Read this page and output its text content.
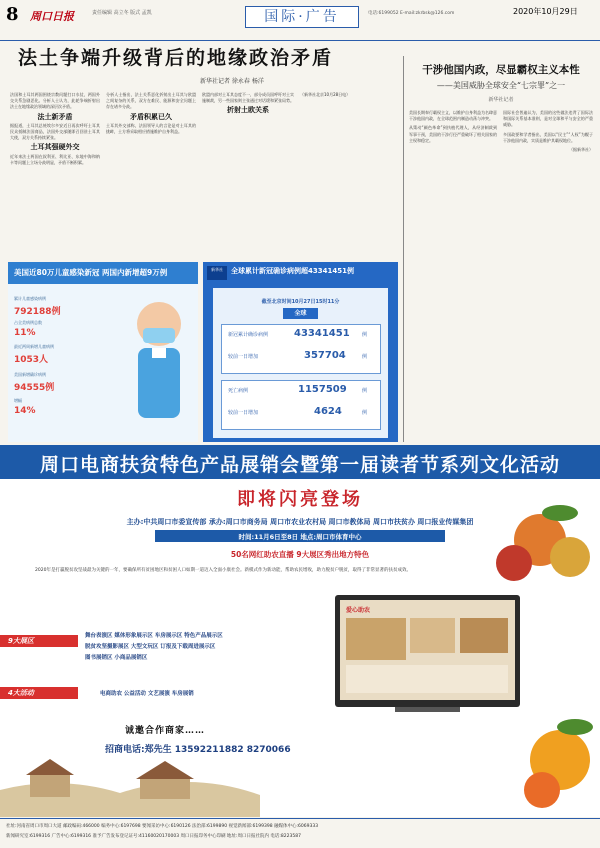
8 周口日报	责任编辑 高立冬 版式 孟凯	国际·广告	电话:6199052 E-mail:zkrbsk@126.com	2020年10月29日
法土争端升级背后的地缘政治矛盾
新华社记者 徐永春 杨洋
法国和土耳其两国围绕宗教问题打口水仗，两国外交关系急剧恶化。分析人士认为，此轮争端折射出法土在地缘政治领域的深层次矛盾。
法土新矛盾
据报道，土耳其总统埃尔多安近日再次呼吁土耳其民众抵制法国商品，法国外交部随即召回驻土耳其大使，双方关系持续紧张。
土耳其强硬外交
近年来法土两国在叙利亚、利比亚、东地中海和纳卡等问题上立场分歧明显，矛盾不断积累。
分析人士指出，法土关系恶化折射出土耳其与欧盟之间复杂的关系，双方在难民、能源和安全问题上存在诸多分歧。
矛盾积累已久
土耳其外交部称，法国领导人的言论是对土耳其的挑衅，土方将采取相应措施维护自身利益。
欧盟内部对土耳其态度不一，部分成员国呼吁对土实施制裁，另一些国家则主张通过对话缓和紧张局势。
折射土欧关系
（新华社北京10月28日电）
干涉他国内政，尽显霸权主义本性
——美国威胁全球安全“七宗罪”之一
新华社记者

美国长期奉行霸权主义，以维护自身利益为名肆意干涉他国内政，在全球范围内制造动荡与冲突。

从策动“颜色革命”到扶植代理人，从经济制裁到军事干预，美国的干涉行径严重破坏了相关国家的主权和稳定。

国际社会普遍认为，美国的这些做法违背了国际法和国际关系基本准则，是对全球和平与安全的严重威胁。

多国政要和学者指出，美国以“民主”“人权”为幌子干涉他国内政，实质是维护其霸权地位。

（据新华社）

美国近80万儿童感染新冠 两国内新增超9万例
累计儿童感染病例
792188例
占全美病例总数
11%
最近两周新增儿童病例
1053人
美国新增确诊病例
94555例
增幅
14%
新华社	全球累计新冠确诊病例超43341451例
截至北京时间10月27日15时11分
全球
新冠累计确诊病例	43341451 例
较前一日增加	357704	例
死亡病例	1157509	例
较前一日增加	4624	例
周口电商扶贫特色产品展销会暨第一届读者节系列文化活动
即将闪亮登场
主办:中共周口市委宣传部 承办:周口市商务局 周口市农业农村局 周口市教体局 周口市扶贫办 周口报业传媒集团
时间:11月6日至8日 地点:周口市体育中心
50名网红助农直播 9大展区秀出地方特色
2020年是打赢脱贫攻坚战最为关键的一年，要确保所有贫困地区和贫困人口如期一道迈入全面小康社会。新模式作为新动能，帮助农民增收，助力脱贫户脱贫，取得了非常显著的扶贫成效。
9大展区
舞台表演区 媒体形象展示区 车房展示区 特色产品展示区
脱贫攻坚摄影展区 大型文玩区 订报及下载周进展示区
图书展销区 小商品展销区
4大活动	电商助农 公益活动 文艺展演 车房展销
诚邀合作商家……
招商电话:郑先生 13592211882 8270066
爱心助农
社址:河南省周口市周口大道 邮政编码:466000 编务中心:6197698 要闻采访中心:6190126 法治部:6199890 视觉新闻部:6199398 融媒体中心:6069333
新闻研究室:6199316 广告中心:6199316 准予广告发布登记证号:41160020170003 周口日报印务中心印刷 地址:周口日报社院内 电话:8223587
